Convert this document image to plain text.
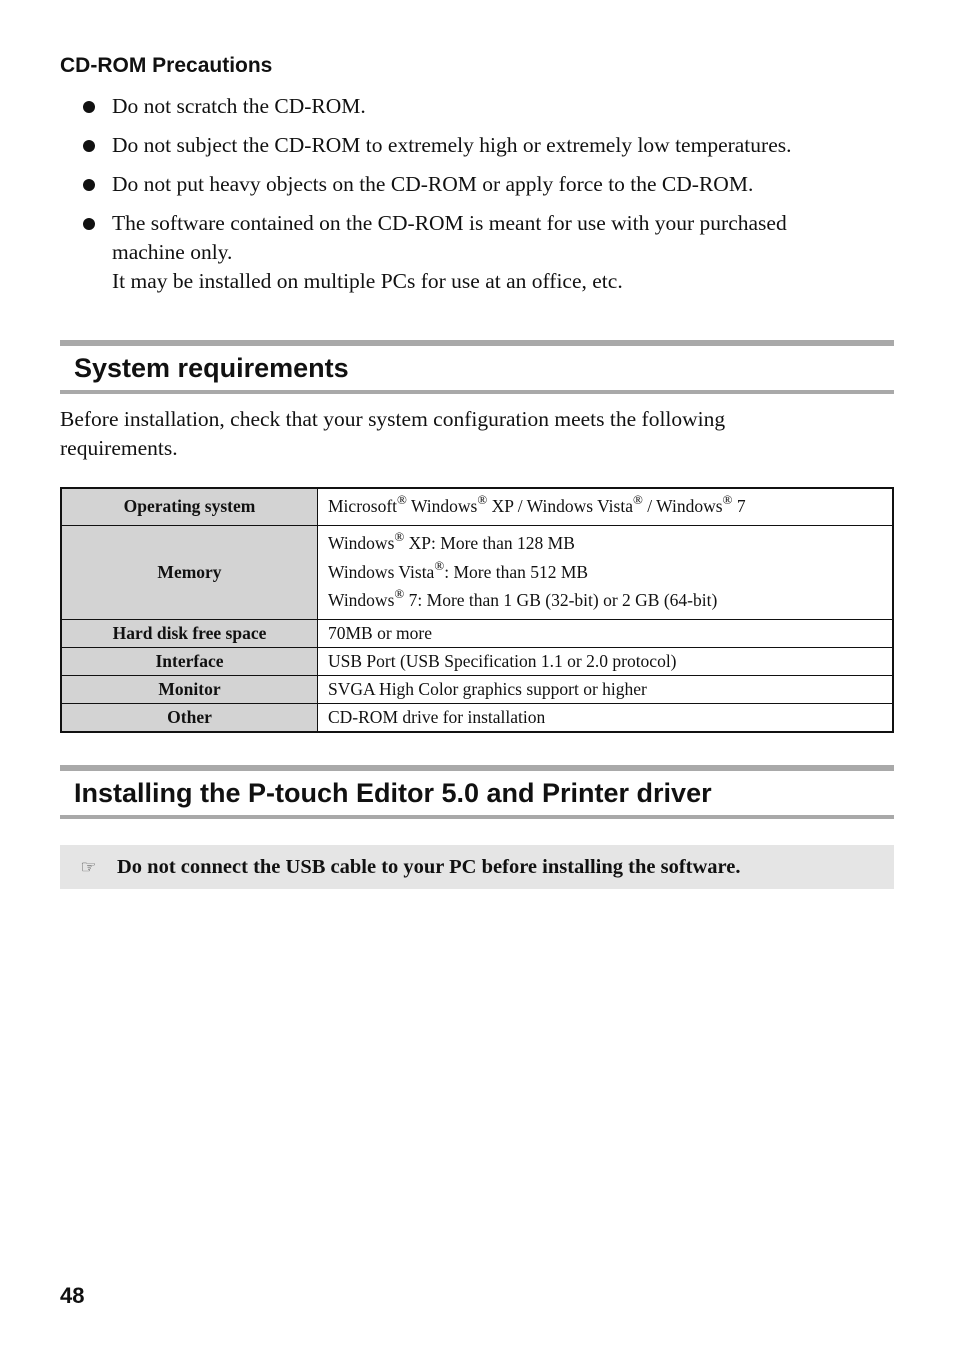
CD-ROM Precautions
Do not scratch the CD-ROM.
Do not subject the CD-ROM to extremely high or extremely low temperatures.
Do not put heavy objects on the CD-ROM or apply force to the CD-ROM.
The software contained on the CD-ROM is meant for use with your purchased
machine only.
It may be installed on multiple PCs for use at an office, etc.
System requirements

Before installation, check that your system configuration meets the following
requirements.

Operating system	Microsoft® Windows® XP / Windows Vista® / Windows® 7
Memory	Windows® XP: More than 128 MB
Windows Vista®: More than 512 MB
Windows® 7: More than 1 GB (32-bit) or 2 GB (64-bit)
Hard disk free space	70MB or more
Interface	USB Port (USB Specification 1.1 or 2.0 protocol)
Monitor	SVGA High Color graphics support or higher
Other	CD-ROM drive for installation
Installing the P-touch Editor 5.0 and Printer driver
☞ Do not connect the USB cable to your PC before installing the software.
48
